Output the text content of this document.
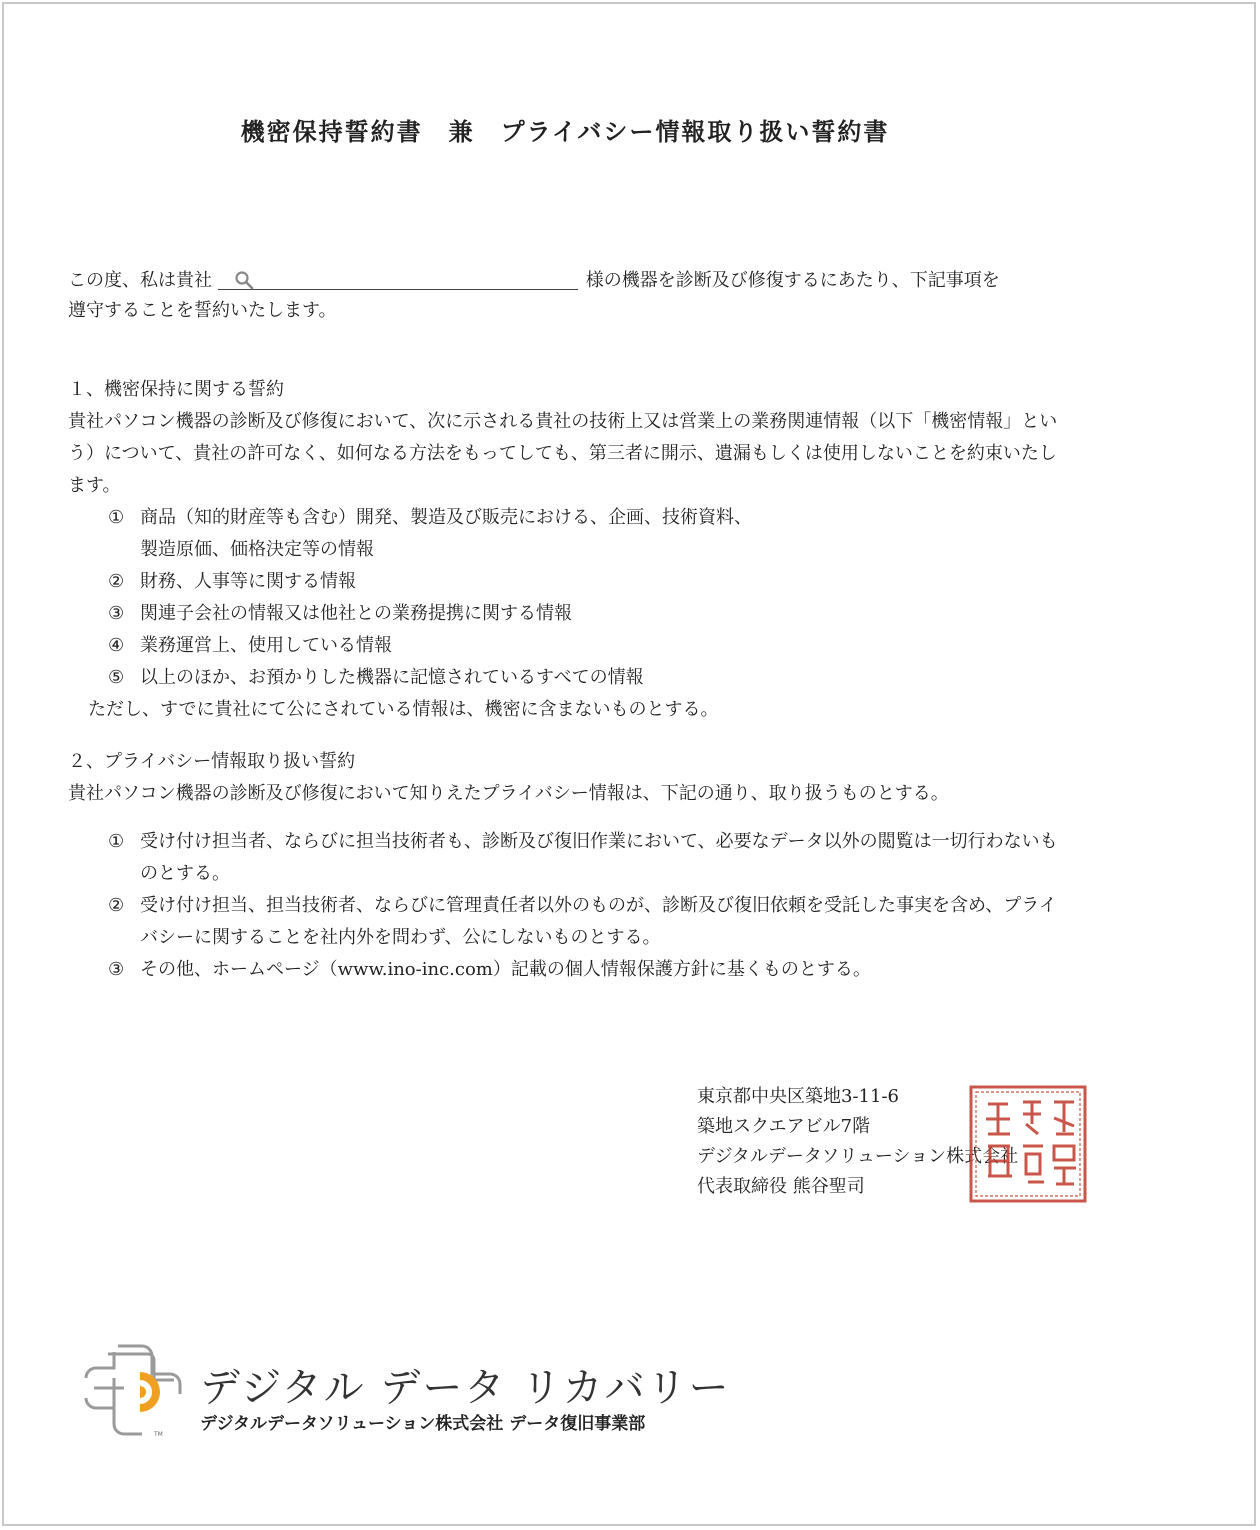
機密保持誓約書　兼　プライバシー情報取り扱い誓約書
この度、私は貴社	様の機器を診断及び修復するにあたり、下記事項を
遵守することを誓約いたします。

１、機密保持に関する誓約

貴社パソコン機器の診断及び修復において、次に示される貴社の技術上又は営業上の業務関連情報（以下「機密情報」という）について、貴社の許可なく、如何なる方法をもってしても、第三者に開示、遺漏もしくは使用しないことを約束いたします。

① 商品（知的財産等も含む）開発、製造及び販売における、企画、技術資料、
製造原価、価格決定等の情報
② 財務、人事等に関する情報
③ 関連子会社の情報又は他社との業務提携に関する情報
④ 業務運営上、使用している情報
⑤ 以上のほか、お預かりした機器に記憶されているすべての情報

ただし、すでに貴社にて公にされている情報は、機密に含まないものとする。

２、プライバシー情報取り扱い誓約

貴社パソコン機器の診断及び修復において知りえたプライバシー情報は、下記の通り、取り扱うものとする。

① 受け付け担当者、ならびに担当技術者も、診断及び復旧作業において、必要なデータ以外の閲覧は一切行わないものとする。
② 受け付け担当、担当技術者、ならびに管理責任者以外のものが、診断及び復旧依頼を受託した事実を含め、プライバシーに関することを社内外を問わず、公にしないものとする。
③ その他、ホームページ（www.ino-inc.com）記載の個人情報保護方針に基くものとする。
東京都中央区築地3-11-6
築地スクエアビル7階
デジタルデータソリューション株式会社
代表取締役 熊谷聖司
TM
デジタル データ リカバリー
デジタルデータソリューション株式会社 データ復旧事業部
